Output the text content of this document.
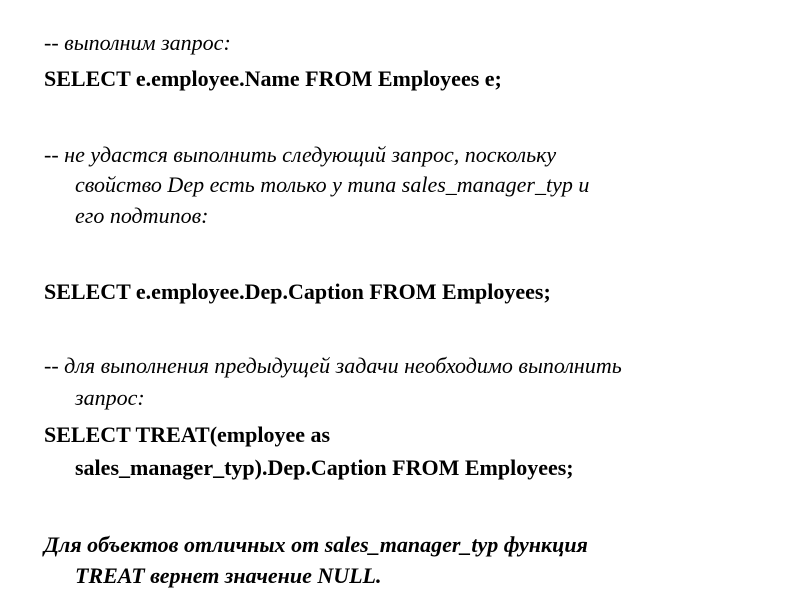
-- выполним запрос:
SELECT e.employee.Name FROM Employees e;
-- не удастся выполнить следующий запрос, поскольку
свойство Dep есть только у типа sales_manager_typ и
его подтипов:
SELECT e.employee.Dep.Caption FROM Employees;
-- для выполнения предыдущей задачи необходимо выполнить
запрос:
SELECT TREAT(employee as
sales_manager_typ).Dep.Caption FROM Employees;
Для объектов отличных от sales_manager_typ функция
TREAT вернет значение NULL.
